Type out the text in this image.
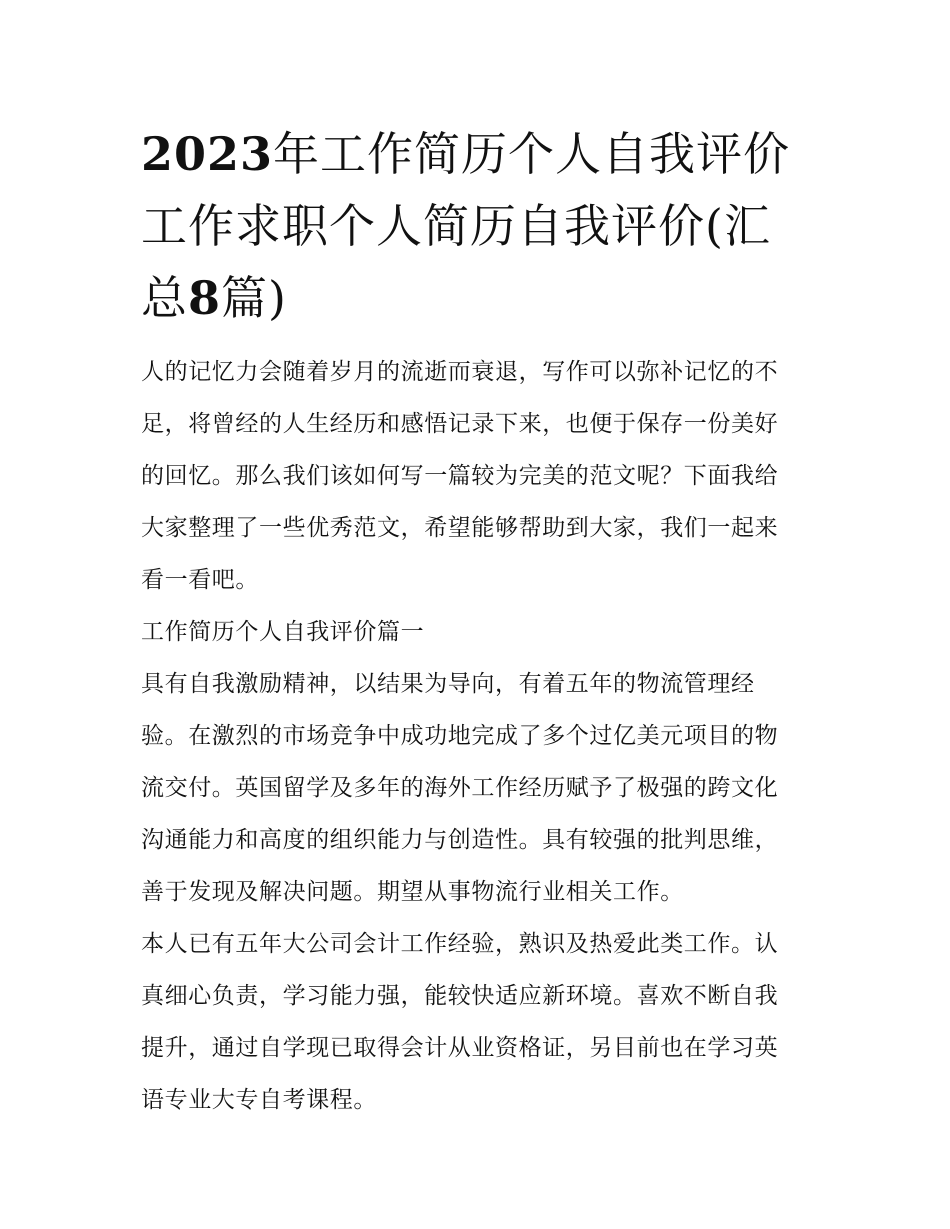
2023年工作简历个人自我评价
工作求职个人简历自我评价(汇
总8篇)

人的记忆力会随着岁月的流逝而衰退，写作可以弥补记忆的不
足，将曾经的人生经历和感悟记录下来，也便于保存一份美好
的回忆。那么我们该如何写一篇较为完美的范文呢？下面我给
大家整理了一些优秀范文，希望能够帮助到大家，我们一起来
看一看吧。

工作简历个人自我评价篇一

具有自我激励精神，以结果为导向，有着五年的物流管理经
验。在激烈的市场竞争中成功地完成了多个过亿美元项目的物
流交付。英国留学及多年的海外工作经历赋予了极强的跨文化
沟通能力和高度的组织能力与创造性。具有较强的批判思维，
善于发现及解决问题。期望从事物流行业相关工作。

本人已有五年大公司会计工作经验，熟识及热爱此类工作。认
真细心负责，学习能力强，能较快适应新环境。喜欢不断自我
提升，通过自学现已取得会计从业资格证，另目前也在学习英
语专业大专自考课程。
